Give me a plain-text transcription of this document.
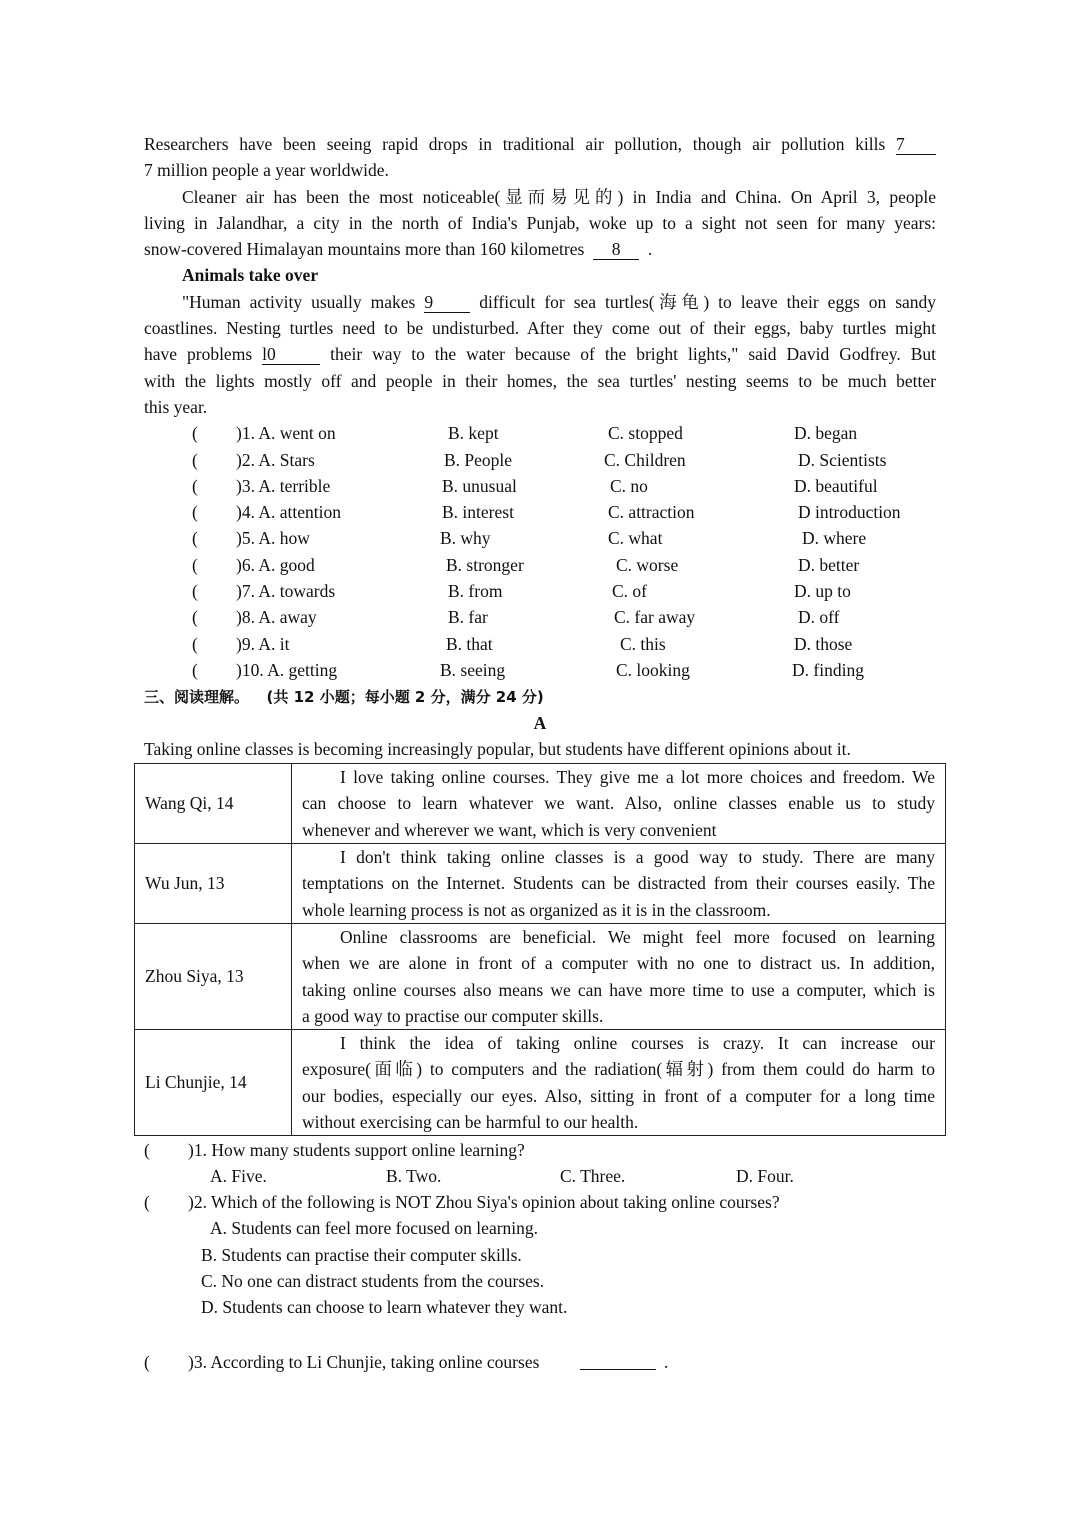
Researchers have been seeing rapid drops in traditional air pollution, though air pollution kills 7
7 million people a year worldwide.
Cleaner air has been the most noticeable(显而易见的) in India and China. On April 3, people
living in Jalandhar, a city in the north of India's Punjab, woke up to a sight not seen for many years:
snow-covered Himalayan mountains more than 160 kilometres 8 .
Animals take over
"Human activity usually makes 9	difficult for sea turtles(海龟) to leave their eggs on sandy
coastlines. Nesting turtles need to be undisturbed. After they come out of their eggs, baby turtles might
have problems l0	their way to the water because of the bright lights," said David Godfrey. But
with the lights mostly off and people in their homes, the sea turtles' nesting seems to be much better
this year.
( )1. A. went on	B. kept	C. stopped	D. began
( )2. A. Stars	B. People	C. Children	D. Scientists
( )3. A. terrible	B. unusual	C. no	D. beautiful
( )4. A. attention	B. interest	C. attraction	D introduction
( )5. A. how	B. why	C. what	D. where
( )6. A. good	B. stronger	C. worse	D. better
( )7. A. towards	B. from	C. of	D. up to
( )8. A. away	B. far	C. far away	D. off
( )9. A. it	B. that	C. this	D. those
( )10. A. getting	B. seeing	C. looking	D. finding
三、阅读理解。 (共 12 小题；每小题 2 分，满分 24 分)
A
Taking online classes is becoming increasingly popular, but students have different opinions about it.
Wang Qi, 14	I love taking online courses. They give me a lot more choices and freedom. We
can choose to learn whatever we want. Also, online classes enable us to study
whenever and wherever we want, which is very convenient

Wu Jun, 13	I don't think taking online classes is a good way to study. There are many
temptations on the Internet. Students can be distracted from their courses easily. The
whole learning process is not as organized as it is in the classroom.

Zhou Siya, 13	Online classrooms are beneficial. We might feel more focused on learning
when we are alone in front of a computer with no one to distract us. In addition,
taking online courses also means we can have more time to use a computer, which is
a good way to practise our computer skills.

Li Chunjie, 14	I think the idea of taking online courses is crazy. It can increase our
exposure(面临) to computers and the radiation(辐射) from them could do harm to
our bodies, especially our eyes. Also, sitting in front of a computer for a long time
without exercising can be harmful to our health.
( )1. How many students support online learning?
A. Five.	B. Two.	C. Three.	D. Four.
( )2. Which of the following is NOT Zhou Siya's opinion about taking online courses?
A. Students can feel more focused on learning.
B. Students can practise their computer skills.
C. No one can distract students from the courses.
D. Students can choose to learn whatever they want.
( )3. According to Li Chunjie, taking online courses	.
